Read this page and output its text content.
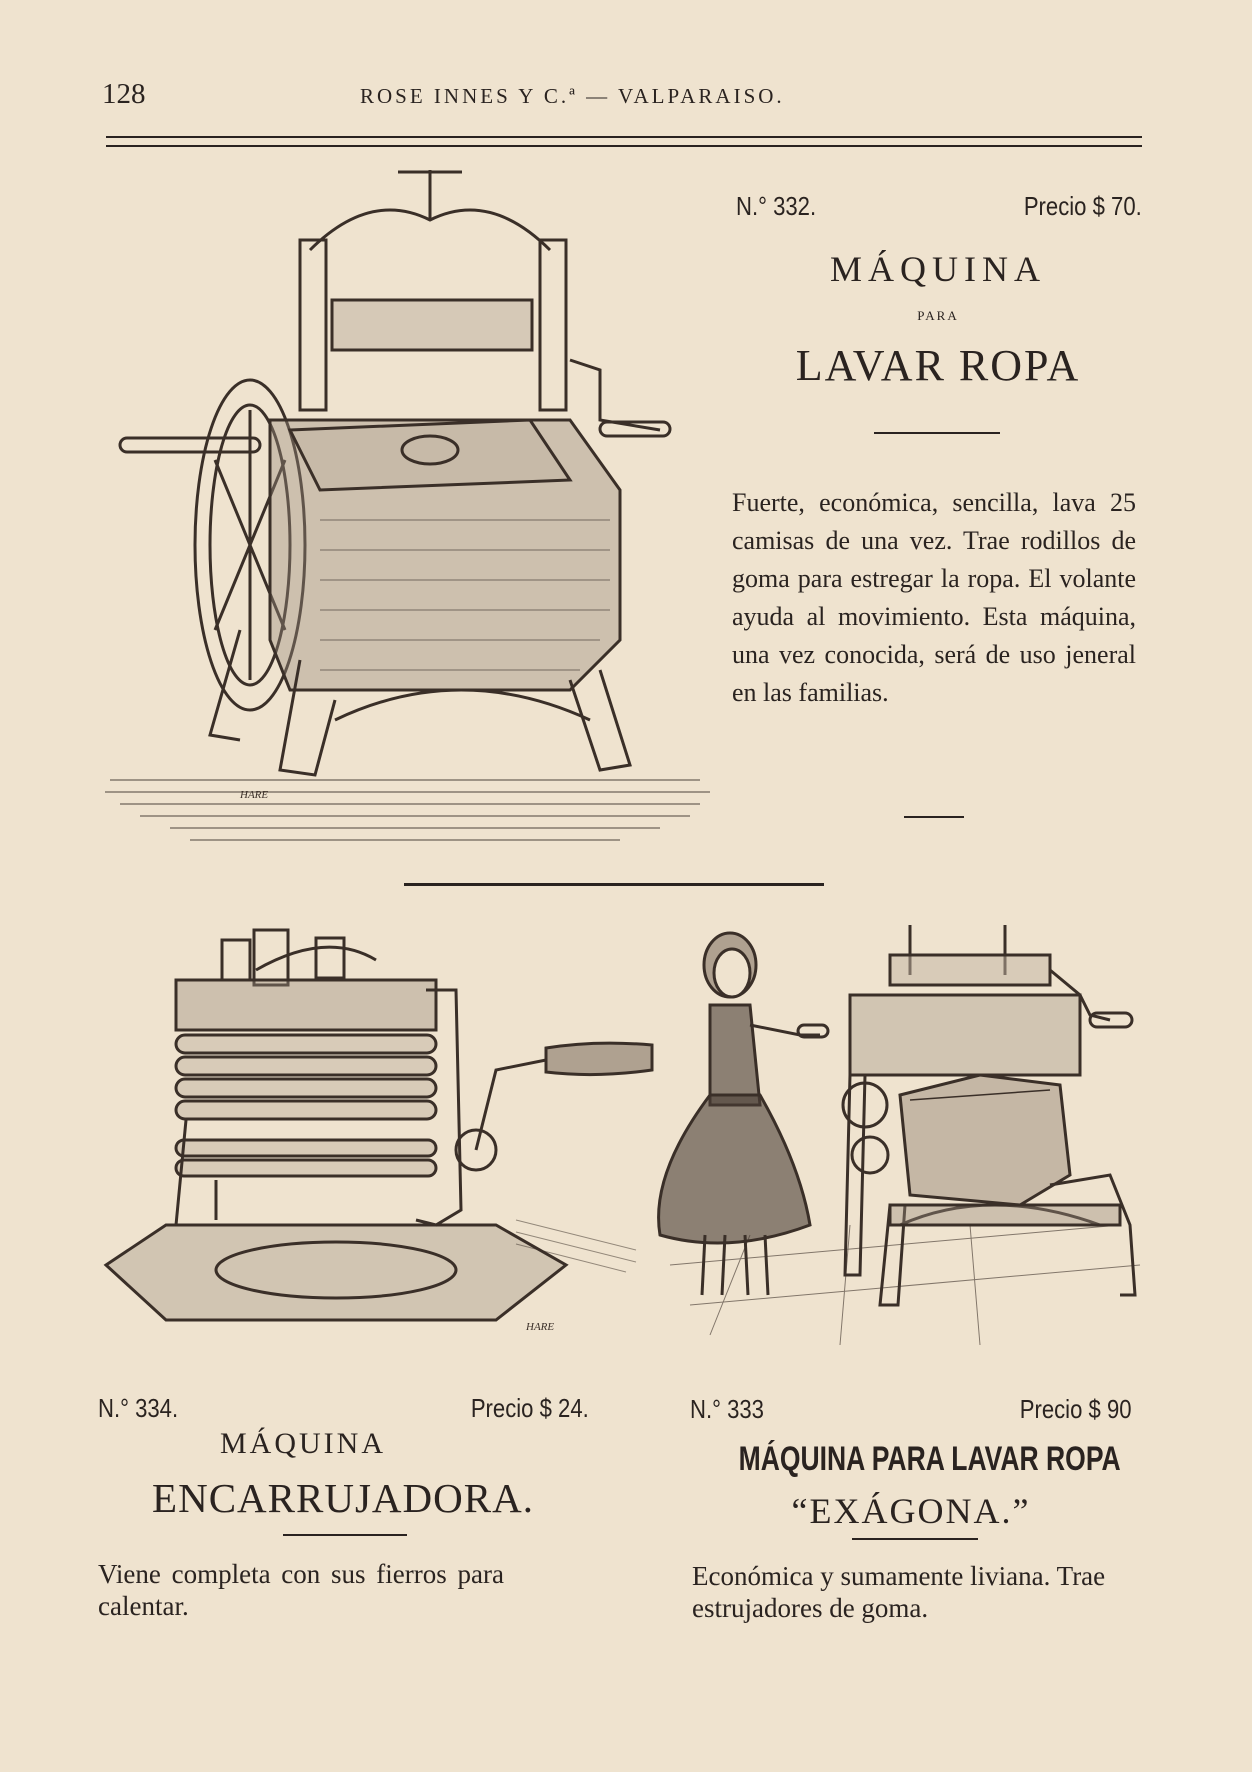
128	ROSE INNES Y C.ª — VALPARAISO.
HARE
N.° 332.	Precio $ 70.
MÁQUINA
PARA
LAVAR ROPA
Fuerte, económica, sencilla, lava 25 camisas de una vez. Trae rodillos de goma para estregar la ropa. El volante ayuda al movimiento. Esta máquina, una vez conocida, será de uso jeneral en las familias.
HARE
N.° 334.	Precio $ 24.
MÁQUINA
ENCARRUJADORA.
Viene completa con sus fierros para calentar.
N.° 333	Precio $ 90
MÁQUINA PARA LAVAR ROPA
“EXÁGONA.”
Económica y sumamente liviana. Trae estrujadores de goma.
